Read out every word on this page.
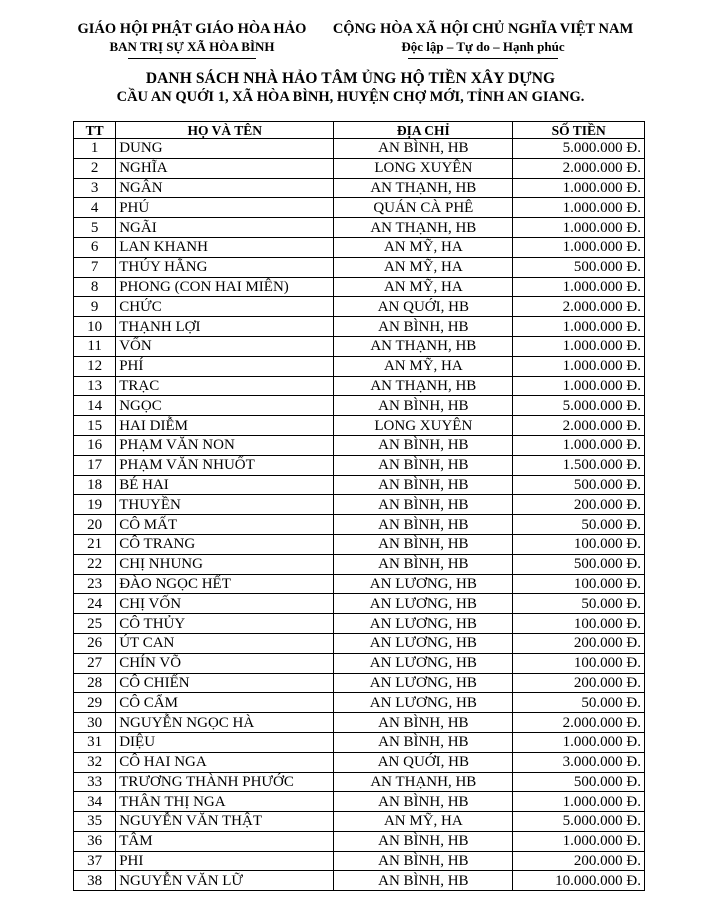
GIÁO HỘI PHẬT GIÁO HÒA HẢO
BAN TRỊ SỰ XÃ HÒA BÌNH
CỘNG HÒA XÃ HỘI CHỦ NGHĨA VIỆT NAM
Độc lập – Tự do – Hạnh phúc
DANH SÁCH NHÀ HẢO TÂM ỦNG HỘ TIỀN XÂY DỰNG
CẦU AN QUỚI 1, XÃ HÒA BÌNH, HUYỆN CHỢ MỚI, TỈNH AN GIANG.
TT	HỌ VÀ TÊN	ĐỊA CHỈ	SỐ TIỀN
1	DUNG	AN BÌNH, HB	5.000.000 Đ.
2	NGHĨA	LONG XUYÊN	2.000.000 Đ.
3	NGÂN	AN THẠNH, HB	1.000.000 Đ.
4	PHÚ	QUÁN CÀ PHÊ	1.000.000 Đ.
5	NGÃI	AN THẠNH, HB	1.000.000 Đ.
6	LAN KHANH	AN MỸ, HA	1.000.000 Đ.
7	THÚY HẰNG	AN MỸ, HA	500.000 Đ.
8	PHONG (CON HAI MIÊN)	AN MỸ, HA	1.000.000 Đ.
9	CHỨC	AN QUỚI, HB	2.000.000 Đ.
10	THẠNH LỢI	AN BÌNH, HB	1.000.000 Đ.
11	VỐN	AN THẠNH, HB	1.000.000 Đ.
12	PHÍ	AN MỸ, HA	1.000.000 Đ.
13	TRẠC	AN THẠNH, HB	1.000.000 Đ.
14	NGỌC	AN BÌNH, HB	5.000.000 Đ.
15	HAI DIỄM	LONG XUYÊN	2.000.000 Đ.
16	PHẠM VĂN NON	AN BÌNH, HB	1.000.000 Đ.
17	PHẠM VĂN NHUỐT	AN BÌNH, HB	1.500.000 Đ.
18	BÉ HAI	AN BÌNH, HB	500.000 Đ.
19	THUYỀN	AN BÌNH, HB	200.000 Đ.
20	CÔ MẤT	AN BÌNH, HB	50.000 Đ.
21	CÔ TRANG	AN BÌNH, HB	100.000 Đ.
22	CHỊ NHUNG	AN BÌNH, HB	500.000 Đ.
23	ĐÀO NGỌC HẾT	AN LƯƠNG, HB	100.000 Đ.
24	CHỊ VỐN	AN LƯƠNG, HB	50.000 Đ.
25	CÔ THỦY	AN LƯƠNG, HB	100.000 Đ.
26	ÚT CAN	AN LƯƠNG, HB	200.000 Đ.
27	CHÍN VÕ	AN LƯƠNG, HB	100.000 Đ.
28	CÔ CHIẾN	AN LƯƠNG, HB	200.000 Đ.
29	CÔ CẨM	AN LƯƠNG, HB	50.000 Đ.
30	NGUYỄN NGỌC HÀ	AN BÌNH, HB	2.000.000 Đ.
31	DIỆU	AN BÌNH, HB	1.000.000 Đ.
32	CÔ HAI NGA	AN QUỚI, HB	3.000.000 Đ.
33	TRƯƠNG THÀNH PHƯỚC	AN THẠNH, HB	500.000 Đ.
34	THÂN THỊ NGA	AN BÌNH, HB	1.000.000 Đ.
35	NGUYỄN VĂN THẬT	AN MỸ, HA	5.000.000 Đ.
36	TÂM	AN BÌNH, HB	1.000.000 Đ.
37	PHI	AN BÌNH, HB	200.000 Đ.
38	NGUYỄN VĂN LỮ	AN BÌNH, HB	10.000.000 Đ.
